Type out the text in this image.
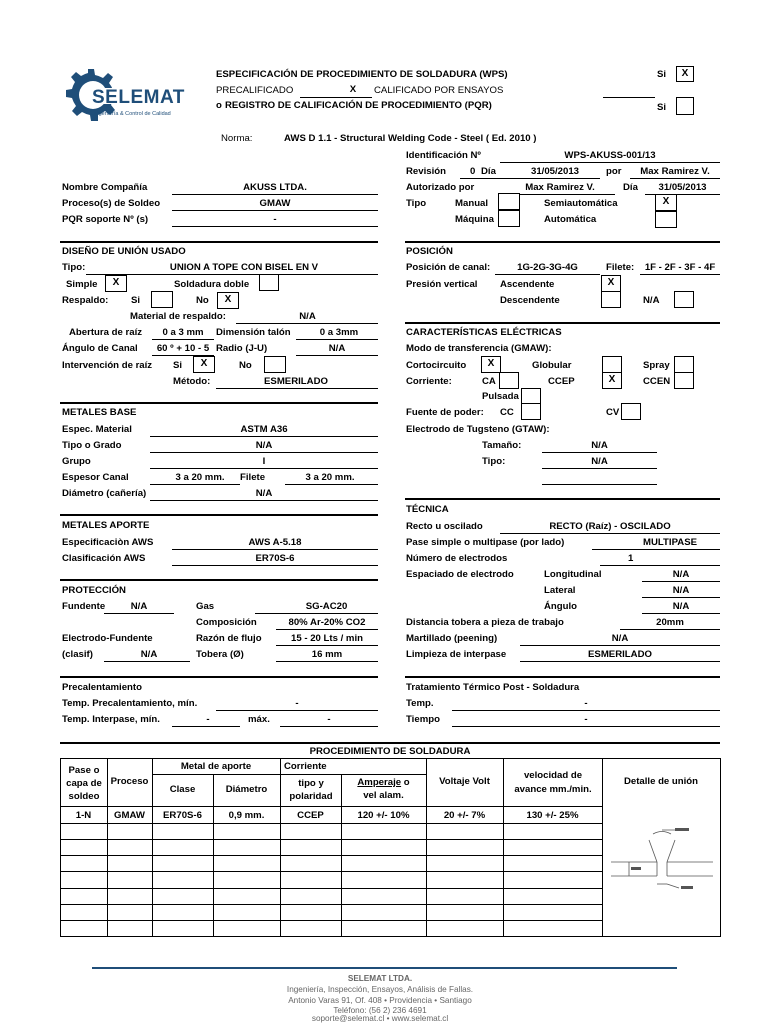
SELEMAT
Ingeniería & Control de Calidad
ESPECIFICACIÓN DE PROCEDIMIENTO DE SOLDADURA (WPS)	Si	X
PRECALIFICADO	X	CALIFICADO POR ENSAYOS
o REGISTRO DE CALIFICACIÓN DE PROCEDIMIENTO (PQR)	Si
Norma:	AWS D 1.1 - Structural Welding Code - Steel ( Ed. 2010 )
Identificación Nº	WPS-AKUSS-001/13
Revisión	0 Día	31/05/2013	por	Max Ramirez V.
Autorizado por	Max Ramirez V.	Día	31/05/2013
Tipo	Manual	Semiautomática	X
Máquina	Automática
Nombre Compañía	AKUSS LTDA.
Proceso(s) de Soldeo	GMAW
PQR soporte Nº (s)	-
DISEÑO DE UNIÓN USADO
Tipo:	UNION A TOPE CON BISEL EN V
Simple	X	Soldadura doble
Respaldo: Si	No	X
Material de respaldo:	N/A
Abertura de raíz	0 a 3 mm	Dimensión talón	0 a 3mm
Ángulo de Canal	60 º + 10 - 5 Radio (J-U)	N/A
Intervención de raíz Si	X	No
Método:	ESMERILADO
POSICIÓN
Posición de canal:	1G-2G-3G-4G	Filete:	1F - 2F - 3F - 4F
Presión vertical Ascendente	X
Descendente	N/A
CARACTERÍSTICAS ELÉCTRICAS
Modo de transferencia (GMAW):
Cortocircuito	X	Globular	Spray
Corriente:	CA	CCEP	X	CCEN
Pulsada
Fuente de poder: CC	CV
Electrodo de Tugsteno (GTAW):
Tamaño:	N/A
Tipo:	N/A
METALES BASE
Espec. Material	ASTM A36
Tipo o Grado	N/A
Grupo	I
Espesor Canal	3 a 20 mm.	Filete	3 a 20 mm.
Diámetro (cañería)	N/A
TÉCNICA
Recto u oscilado	RECTO (Raíz) - OSCILADO
Pase simple o multipase (por lado)	MULTIPASE
Número de electrodos	1
Espaciado de electrodo	Longitudinal	N/A
Lateral	N/A
Ángulo	N/A
Distancia tobera a pieza de trabajo	20mm
Martillado (peening)	N/A
Limpieza de interpase	ESMERILADO
METALES APORTE
Especificaciòn AWS	AWS A-5.18
Clasificación AWS	ER70S-6
PROTECCIÓN
Fundente	N/A	Gas	SG-AC20
Composición	80% Ar-20% CO2
Electrodo-Fundente	Razón de flujo	15 - 20 Lts / min
(clasif)	N/A	Tobera (Ø)	16 mm
Precalentamiento
Temp. Precalentamiento, mín.	-
Temp. Interpase, mín.	-	máx.	-
Tratamiento Térmico Post - Soldadura
Temp.	-
Tiempo	-
PROCEDIMIENTO DE SOLDADURA
Pase o capa de soldeo
Proceso
Metal de aporte	Corriente
Clase	Diámetro
tipo y polaridad
Amperaje o
vel alam.
Voltaje Volt
velocidad de avance mm./min.
Detalle de unión
1-N	GMAW	ER70S-6	0,9 mm.	CCEP	120 +/- 10%	20 +/- 7%	130 +/- 25%
SELEMAT LTDA.
Ingeniería, Inspección, Ensayos, Análisis de Fallas.
Antonio Varas 91, Of. 408 • Providencia • Santiago
Teléfono: (56 2) 236 4691
soporte@selemat.cl • www.selemat.cl
